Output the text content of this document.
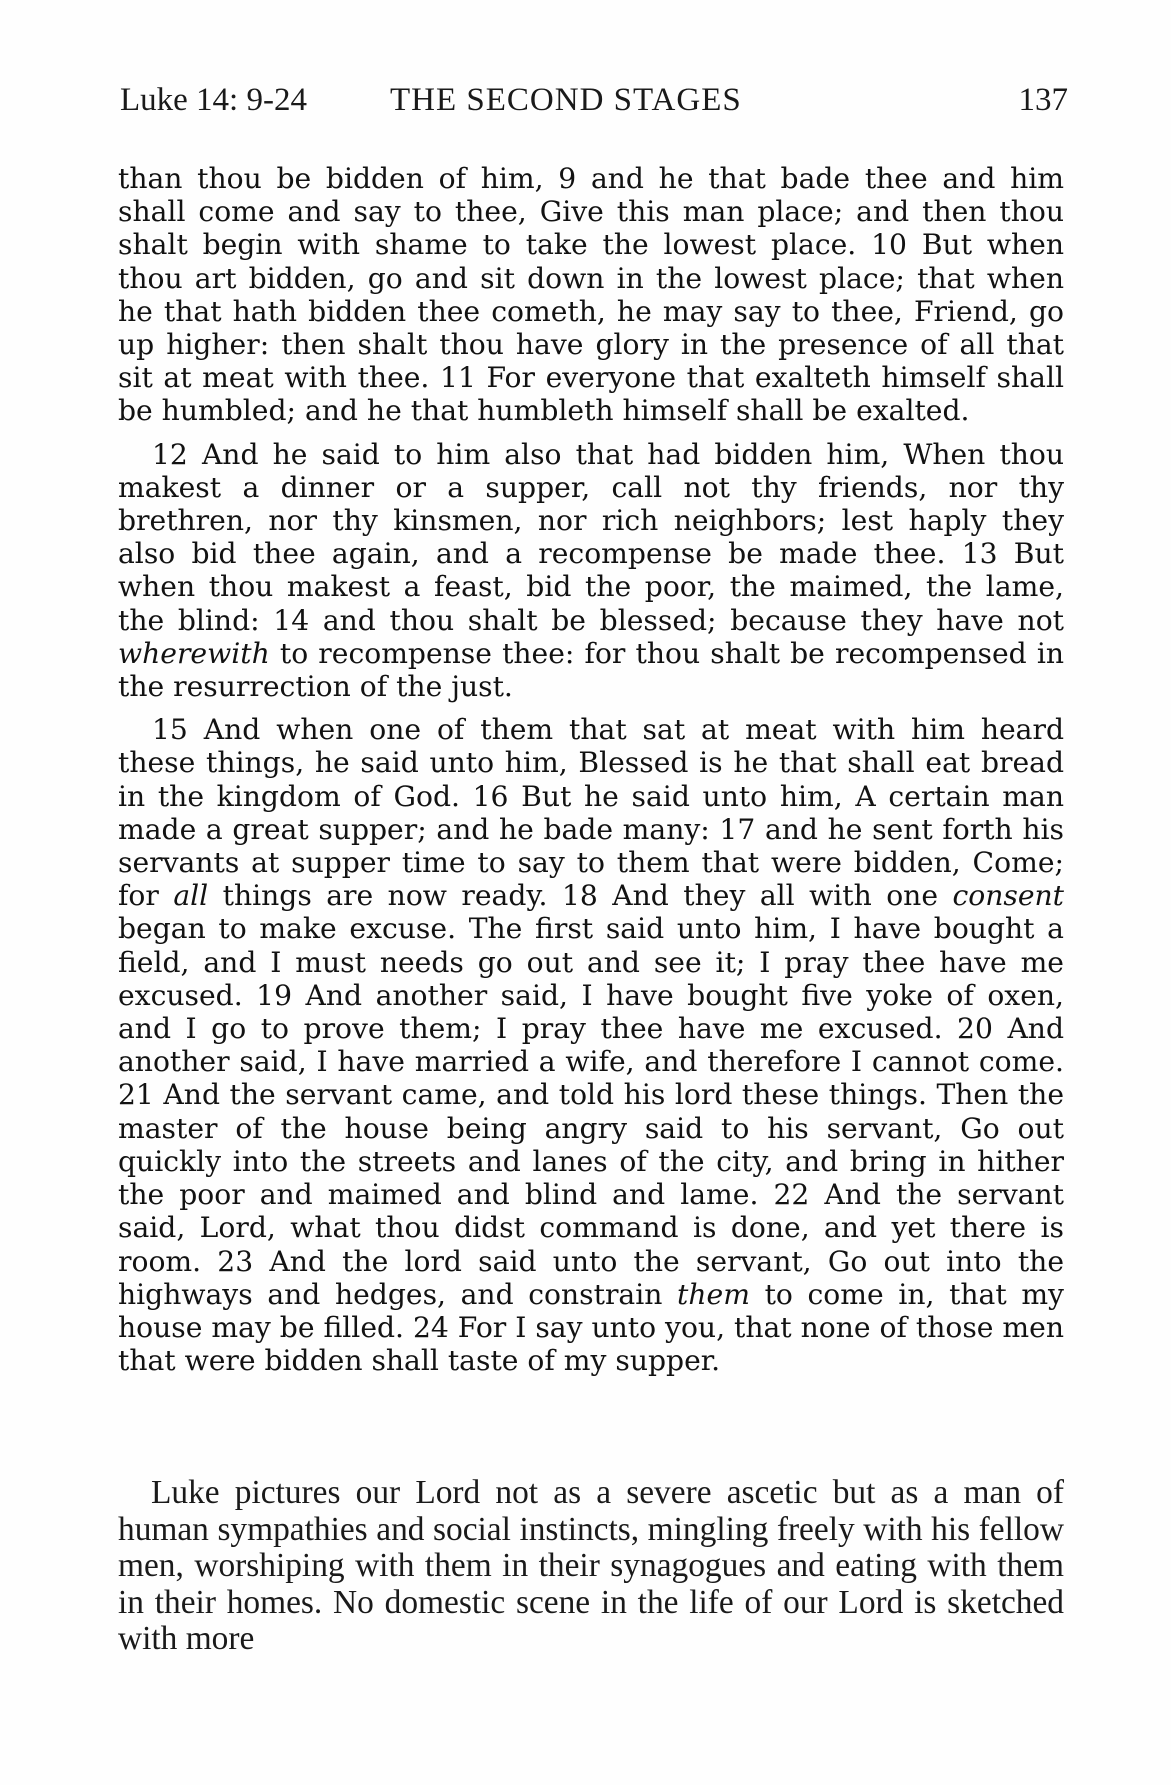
Luke 14: 9-24	THE SECOND STAGES	137

than thou be bidden of him, 9 and he that bade thee and him shall come and say to thee, Give this man place; and then thou shalt begin with shame to take the lowest place. 10 But when thou art bidden, go and sit down in the lowest place; that when he that hath bidden thee cometh, he may say to thee, Friend, go up higher: then shalt thou have glory in the presence of all that sit at meat with thee. 11 For everyone that exalteth himself shall be humbled; and he that humbleth himself shall be exalted.

12 And he said to him also that had bidden him, When thou makest a dinner or a supper, call not thy friends, nor thy brethren, nor thy kinsmen, nor rich neighbors; lest haply they also bid thee again, and a recompense be made thee. 13 But when thou makest a feast, bid the poor, the maimed, the lame, the blind: 14 and thou shalt be blessed; because they have not wherewith to recompense thee: for thou shalt be recompensed in the resurrection of the just.

15 And when one of them that sat at meat with him heard these things, he said unto him, Blessed is he that shall eat bread in the kingdom of God. 16 But he said unto him, A certain man made a great supper; and he bade many: 17 and he sent forth his servants at supper time to say to them that were bidden, Come; for all things are now ready. 18 And they all with one consent began to make excuse. The first said unto him, I have bought a field, and I must needs go out and see it; I pray thee have me excused. 19 And another said, I have bought five yoke of oxen, and I go to prove them; I pray thee have me excused. 20 And another said, I have married a wife, and therefore I cannot come. 21 And the servant came, and told his lord these things. Then the master of the house being angry said to his servant, Go out quickly into the streets and lanes of the city, and bring in hither the poor and maimed and blind and lame. 22 And the servant said, Lord, what thou didst command is done, and yet there is room. 23 And the lord said unto the servant, Go out into the highways and hedges, and constrain them to come in, that my house may be filled. 24 For I say unto you, that none of those men that were bidden shall taste of my supper.

Luke pictures our Lord not as a severe ascetic but as a man of human sympathies and social instincts, mingling freely with his fellow men, worshiping with them in their synagogues and eating with them in their homes. No domestic scene in the life of our Lord is sketched with more
